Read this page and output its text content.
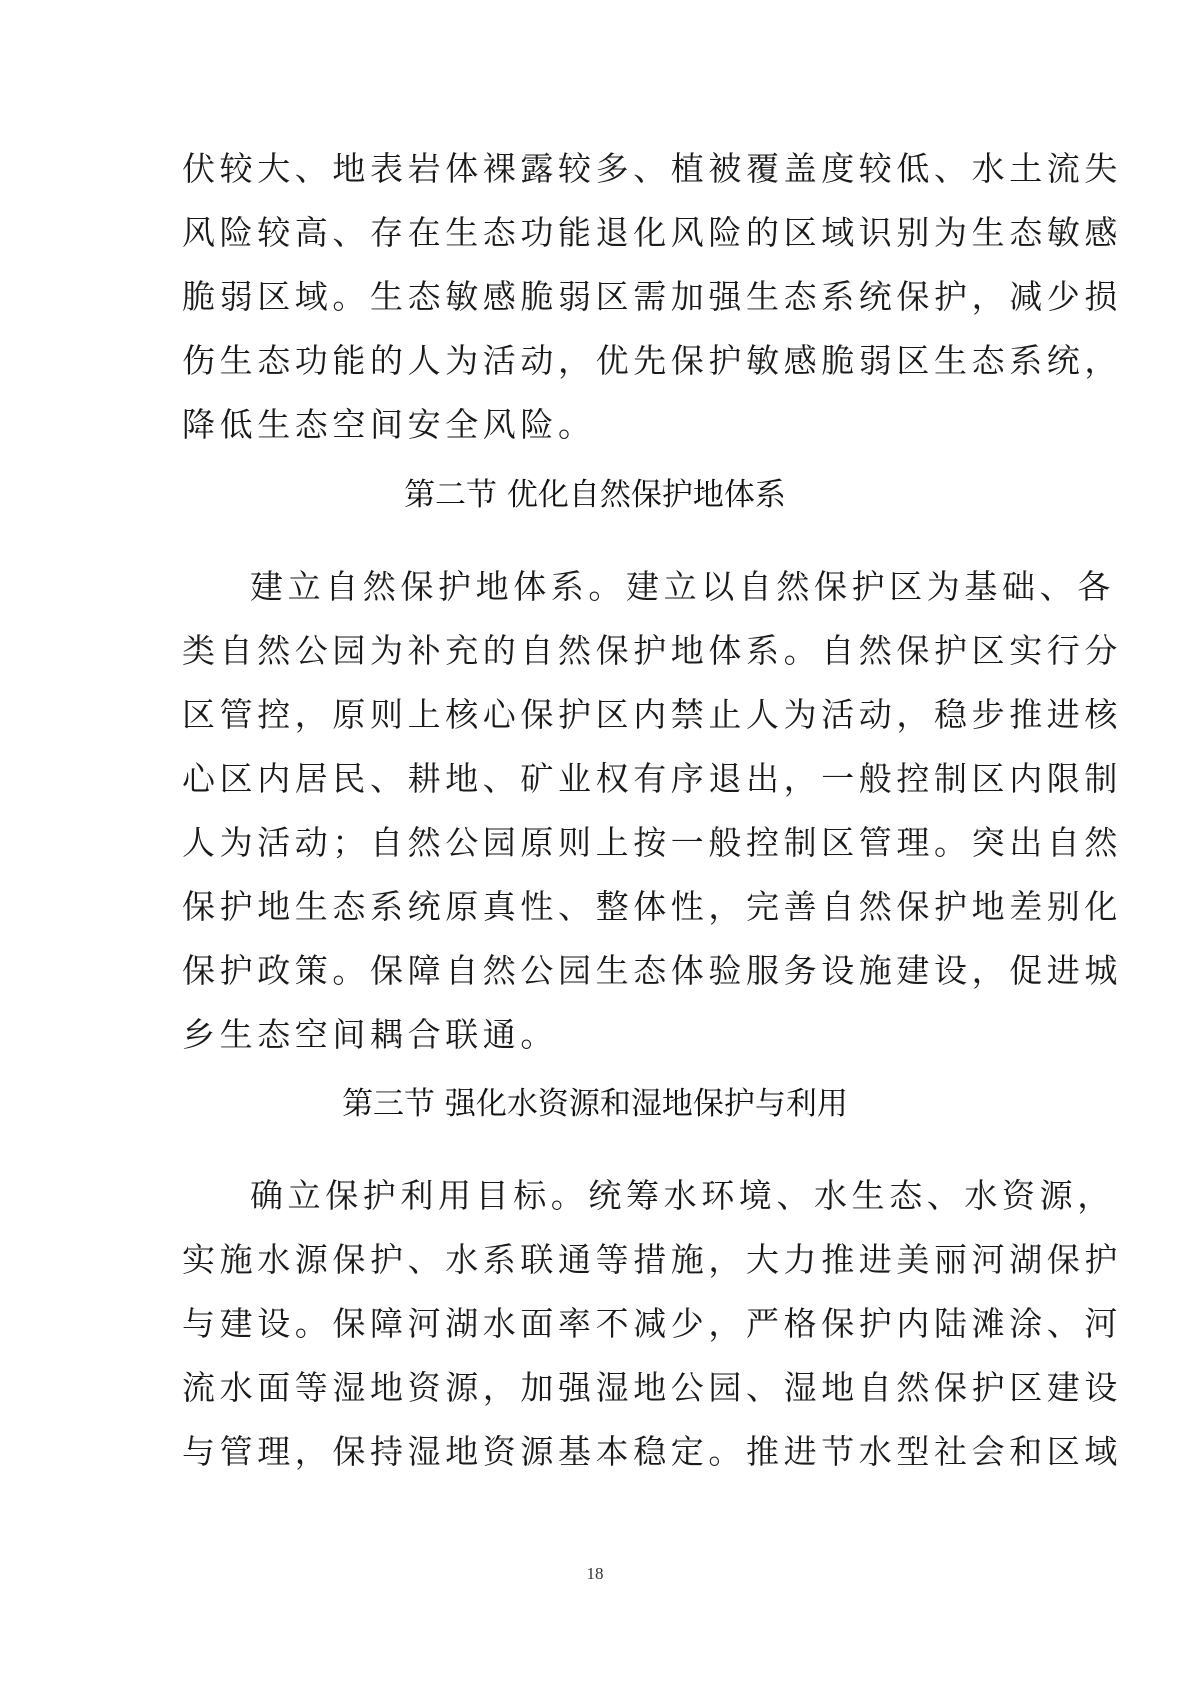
伏较大、地表岩体裸露较多、植被覆盖度较低、水土流失
风险较高、存在生态功能退化风险的区域识别为生态敏感
脆弱区域。生态敏感脆弱区需加强生态系统保护，减少损
伤生态功能的人为活动，优先保护敏感脆弱区生态系统，
降低生态空间安全风险。
第二节 优化自然保护地体系
建立自然保护地体系。建立以自然保护区为基础、各
类自然公园为补充的自然保护地体系。自然保护区实行分
区管控，原则上核心保护区内禁止人为活动，稳步推进核
心区内居民、耕地、矿业权有序退出，一般控制区内限制
人为活动；自然公园原则上按一般控制区管理。突出自然
保护地生态系统原真性、整体性，完善自然保护地差别化
保护政策。保障自然公园生态体验服务设施建设，促进城
乡生态空间耦合联通。
第三节 强化水资源和湿地保护与利用
确立保护利用目标。统筹水环境、水生态、水资源，
实施水源保护、水系联通等措施，大力推进美丽河湖保护
与建设。保障河湖水面率不减少，严格保护内陆滩涂、河
流水面等湿地资源，加强湿地公园、湿地自然保护区建设
与管理，保持湿地资源基本稳定。推进节水型社会和区域
18
